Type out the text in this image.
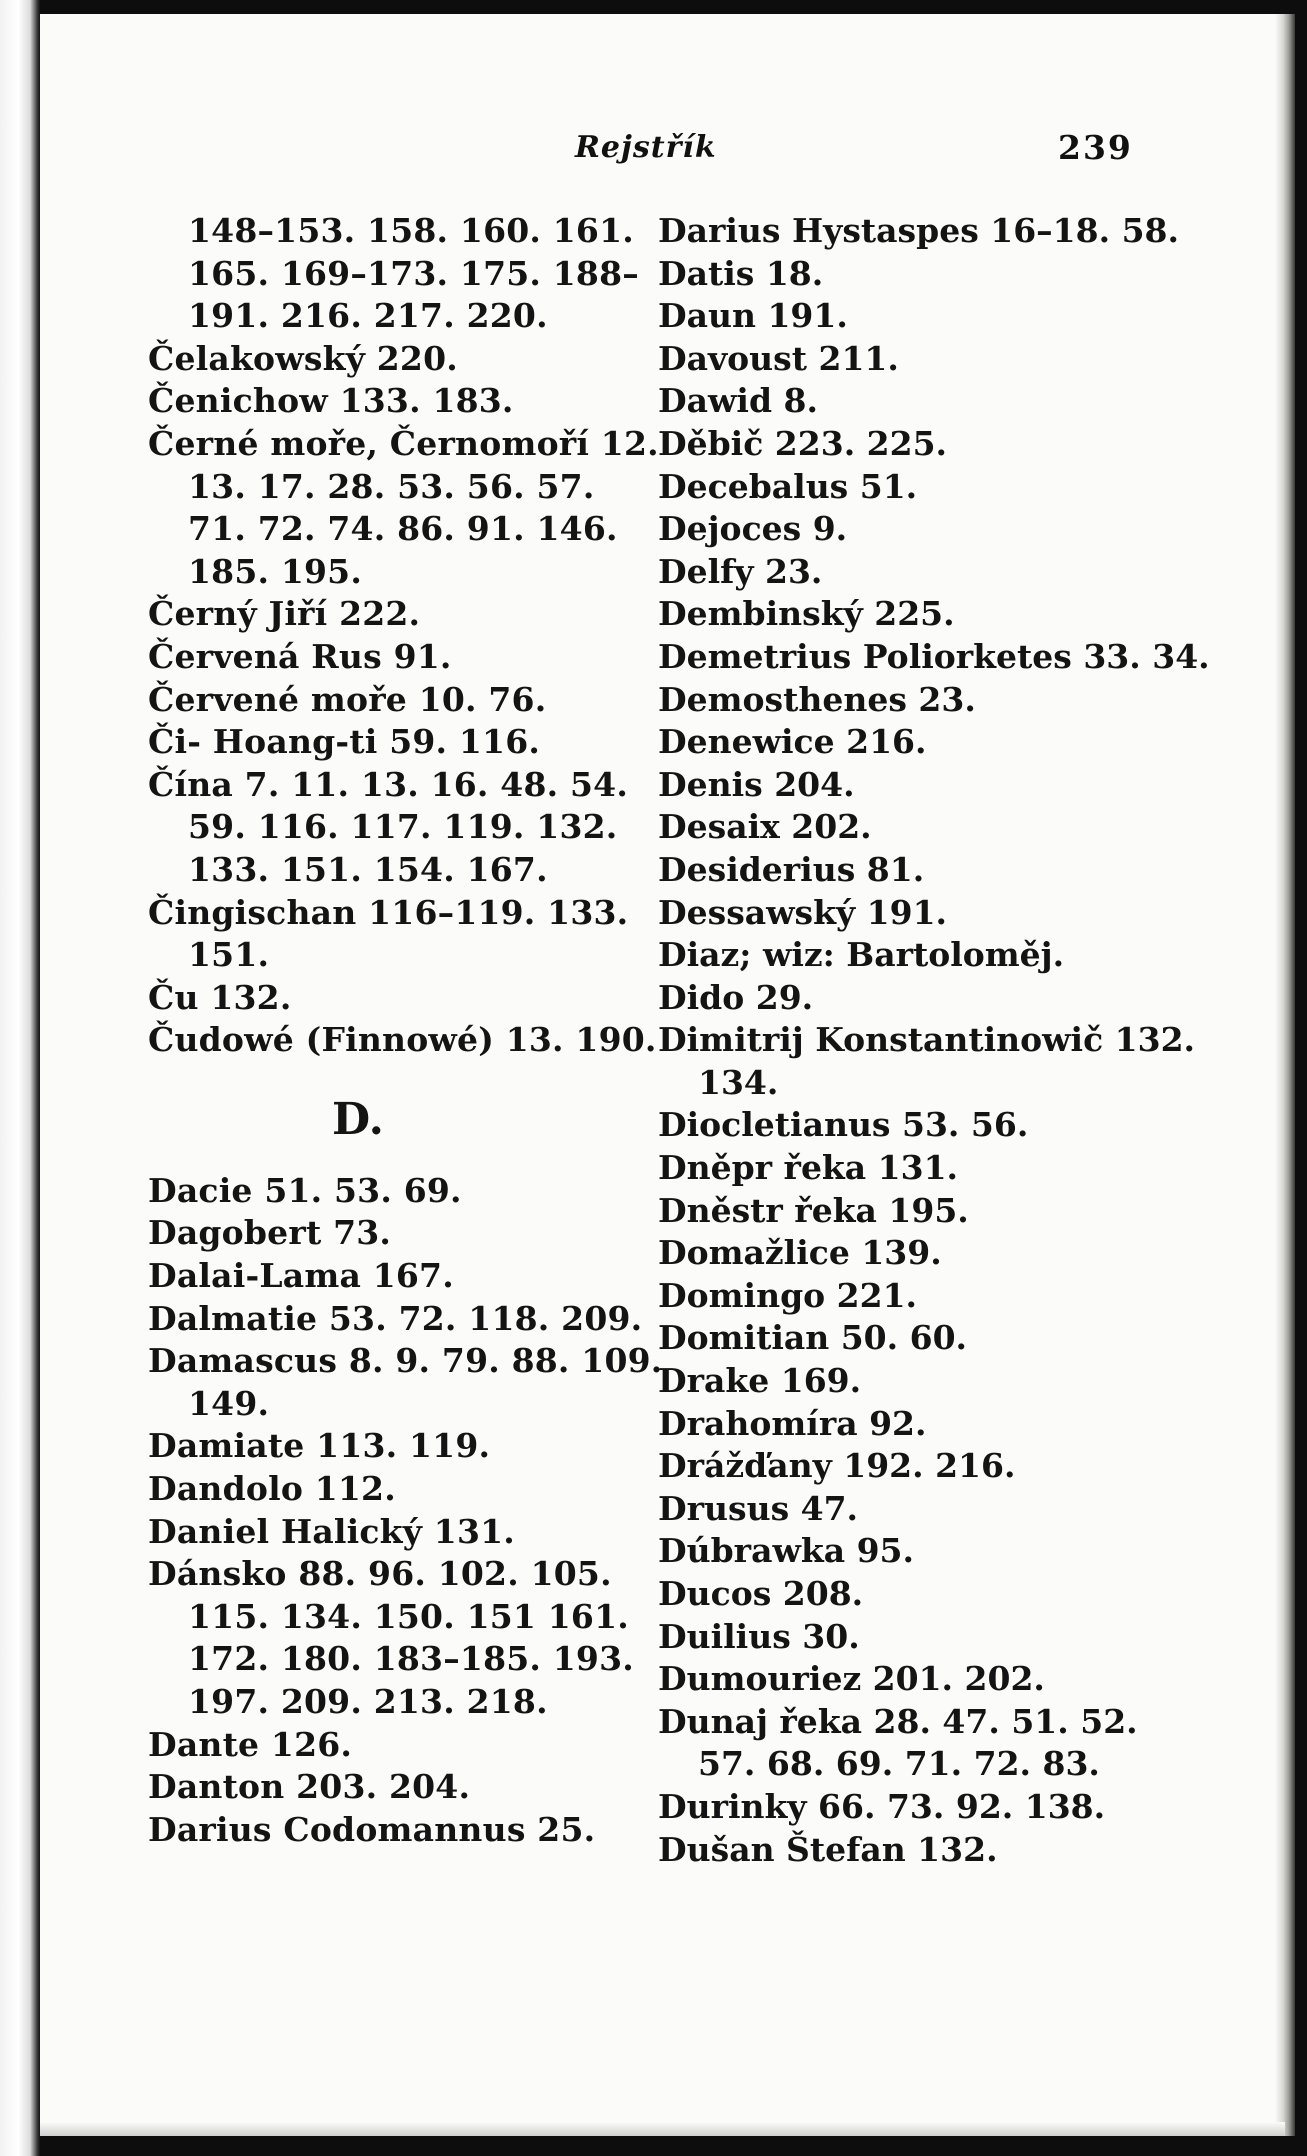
Rejstřík	239
148–153. 158. 160. 161.
165. 169–173. 175. 188–
191. 216. 217. 220.
Čelakowský 220.
Čenichow 133. 183.
Černé moře, Černomoří 12.
13. 17. 28. 53. 56. 57.
71. 72. 74. 86. 91. 146.
185. 195.
Černý Jiří 222.
Červená Rus 91.
Červené moře 10. 76.
Či- Hoang-ti 59. 116.
Čína 7. 11. 13. 16. 48. 54.
59. 116. 117. 119. 132.
133. 151. 154. 167.
Čingischan 116–119. 133.
151.
Ču 132.
Čudowé (Finnowé) 13. 190.
D.
Dacie 51. 53. 69.
Dagobert 73.
Dalai-Lama 167.
Dalmatie 53. 72. 118. 209.
Damascus 8. 9. 79. 88. 109.
149.
Damiate 113. 119.
Dandolo 112.
Daniel Halický 131.
Dánsko 88. 96. 102. 105.
115. 134. 150. 151 161.
172. 180. 183–185. 193.
197. 209. 213. 218.
Dante 126.
Danton 203. 204.
Darius Codomannus 25.
Darius Hystaspes 16–18. 58.
Datis 18.
Daun 191.
Davoust 211.
Dawid 8.
Děbič 223. 225.
Decebalus 51.
Dejoces 9.
Delfy 23.
Dembinský 225.
Demetrius Poliorketes 33. 34.
Demosthenes 23.
Denewice 216.
Denis 204.
Desaix 202.
Desiderius 81.
Dessawský 191.
Diaz; wiz: Bartoloměj.
Dido 29.
Dimitrij Konstantinowič 132.
134.
Diocletianus 53. 56.
Dněpr řeka 131.
Dněstr řeka 195.
Domažlice 139.
Domingo 221.
Domitian 50. 60.
Drake 169.
Drahomíra 92.
Drážďany 192. 216.
Drusus 47.
Dúbrawka 95.
Ducos 208.
Duilius 30.
Dumouriez 201. 202.
Dunaj řeka 28. 47. 51. 52.
57. 68. 69. 71. 72. 83.
Durinky 66. 73. 92. 138.
Dušan Štefan 132.
